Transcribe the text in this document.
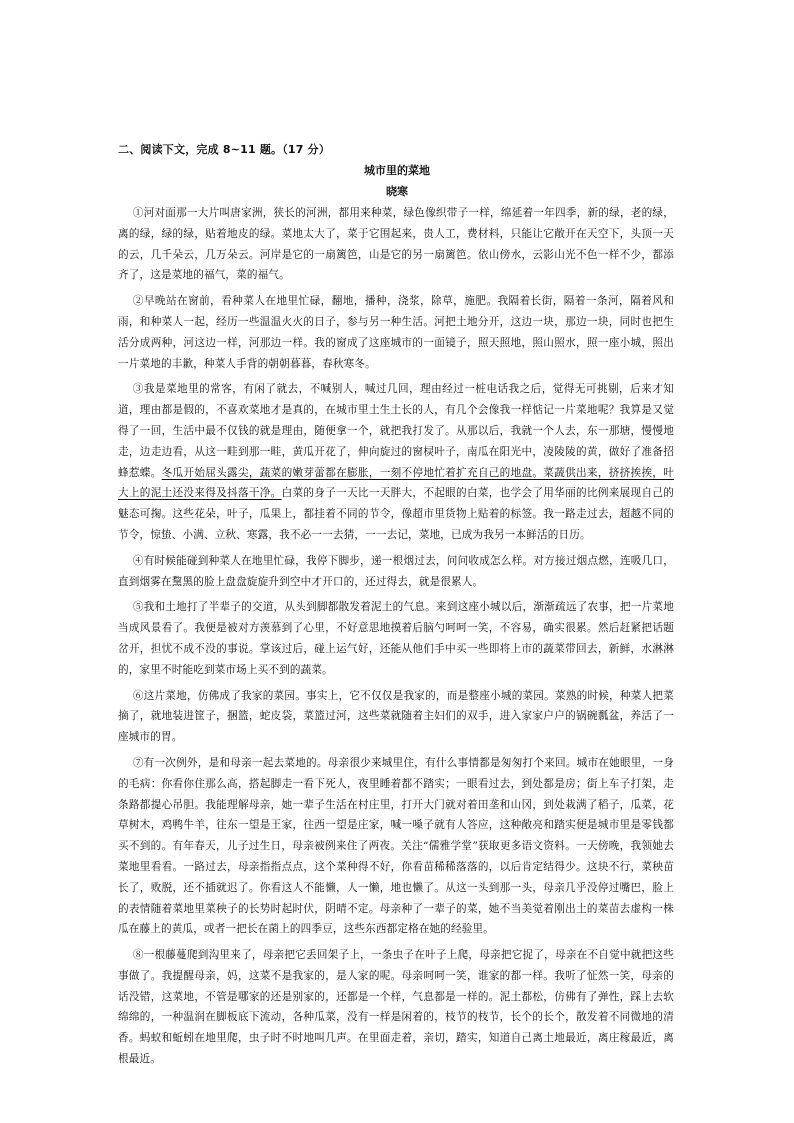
二、阅读下文，完成 8~11 题。（17 分）
城市里的菜地
晓寒

①河对面那一大片叫唐家洲，狭长的河洲，都用来种菜，绿色像织带子一样，绵延着一年四季，新的绿，老的绿，离的绿，绿的绿，贴着地皮的绿。菜地太大了，菜于它围起来，贵人工，费材料，只能让它敞开在天空下，头顶一天的云，几千朵云，几万朵云。河岸是它的一扇篱笆，山是它的另一扇篱笆。依山傍水，云影山光不色一样不少，都添齐了，这是菜地的福气，菜的福气。

②早晚站在窗前，看种菜人在地里忙碌，翻地，播种，浇浆，除草，施肥。我隔着长街，隔着一条河，隔着风和雨，和种菜人一起，经历一些温温火火的日子，参与另一种生活。河把土地分开，这边一块，那边一块，同时也把生活分成两种，河这边一样，河那边一样。我的窗成了这座城市的一面镜子，照天照地，照山照水，照一座小城，照出一片菜地的丰歉，种菜人手背的朝朝暮暮，春秋寒冬。

③我是菜地里的常客，有闲了就去，不喊别人，喊过几回，理由经过一桩电话我之后，觉得无可挑剔，后来才知道，理由都是假的，不喜欢菜地才是真的，在城市里土生土长的人，有几个会像我一样惦记一片菜地呢？我算是又觉得了一回，生活中最不仅钱的就是理由，随便拿一个，就把我打发了。从那以后，我就一个人去，东一那塘，慢慢地走，边走边看，从这一畦到那一畦，黄瓜开花了，伸向旋过的窗棂叶子，南瓜在阳光中，凌陵陵的黄，做好了准备招蜂惹蝶。冬瓜开始屈头露尖，蔬菜的嫩芽蕾都在膨胀，一刻不停地忙着扩充自己的地盘。菜蔬供出来，挤挤挨挨，叶大上的泥土还没来得及抖落干净。白菜的身子一天比一天胖大，不起眼的白菜，也学会了用华丽的比例来展现自己的魅态可掬。这些花朵，叶子，瓜果上，都挂着不同的节令，像超市里货物上贴着的标签。我一路走过去，超越不同的节令，惊蛰、小满、立秋、寒露，我不必一一去猜，一一去记，菜地，已成为我另一本鲜活的日历。

④有时候能碰到种菜人在地里忙碌，我停下脚步，递一根烟过去，问问收成怎么样。对方接过烟点燃，连吸几口，直到烟雾在黧黑的脸上盘盘旋旋升到空中才开口的，还过得去，就是很累人。

⑤我和土地打了半辈子的交道，从头到脚都散发着泥土的气息。来到这座小城以后，渐渐疏远了农事，把一片菜地当成风景看了。我便是被对方羡慕到了心里，不好意思地摸着后脑勺呵呵一笑，不容易，确实很累。然后赶紧把话题岔开，担忧不成不没的事说。掌该过后，碰上运气好，还能从他们手中买一些即将上市的蔬菜带回去，新鲜，水淋淋的，家里不时能吃到菜市场上买不到的蔬菜。

⑥这片菜地，仿佛成了我家的菜园。事实上，它不仅仅是我家的，而是整座小城的菜园。菜熟的时候，种菜人把菜摘了，就地装进筐子，捆篮，蛇皮袋，菜篮过河，这些菜就随着主妇们的双手，进入家家户户的锅碗瓢盆，养活了一座城市的胃。

⑦有一次例外，是和母亲一起去菜地的。母亲很少来城里住，有什么事情都是匆匆打个来回。城市在她眼里，一身的毛病：你看你住那么高，搭起脚走一看下死人，夜里睡着都不踏实；一眼看过去，到处都是房；街上车子打架，走条路都提心吊胆。我能理解母亲，她一辈子生活在村庄里，打开大门就对着田垄和山冈，到处栽满了稻子，瓜菜，花草树木，鸡鸭牛羊，往东一望是王家，往西一望是庄家，喊一嗓子就有人答应，这种敞亮和踏实便是城市里是零钱都买不到的。有年春天，儿子过生日，母亲被例来住了两夜。关注“儒雅学堂”获取更多语文资料。一天傍晚，我领她去菜地里看看。一路过去，母亲指指点点，这个菜种得不好，你看苗稀稀落落的，以后肯定结得少。这块不行，菜秧苗长了，败脱，还不插就迟了。你看这人不能懒，人一懒，地也懒了。从这一头到那一头，母亲几乎没停过嘴巴，脸上的表情随着菜地里菜秧子的长势时起时伏，阴晴不定。母亲种了一辈子的菜，她不当美觉着刚出土的菜苗去虚构一株瓜在藤上的黄瓜，或者一把长在菌上的四季豆，这些东西都定格在她的经验里。

⑧一根藤蔓爬到沟里来了，母亲把它丢回架子上，一条虫子在叶子上爬，母亲把它捉了，母亲在不自觉中就把这些事做了。我提醒母亲，妈，这菜不是我家的，是人家的呢。母亲呵呵一笑，谁家的都一样。我听了怔然一笑，母亲的话没错，这菜地，不管是哪家的还是别家的，还都是一个样，气息都是一样的。泥土都松，仿佛有了弹性，踩上去软绵绵的，一种温润在脚板底下流动，各种瓜菜，没有一样是闲着的，枝节的枝节，长个的长个，散发着不同微地的清香。蚂蚁和蚯蚓在地里爬，虫子时不时地叫几声。在里面走着，亲切，踏实，知道自己离土地最近，离庄稼最近，离根最近。
